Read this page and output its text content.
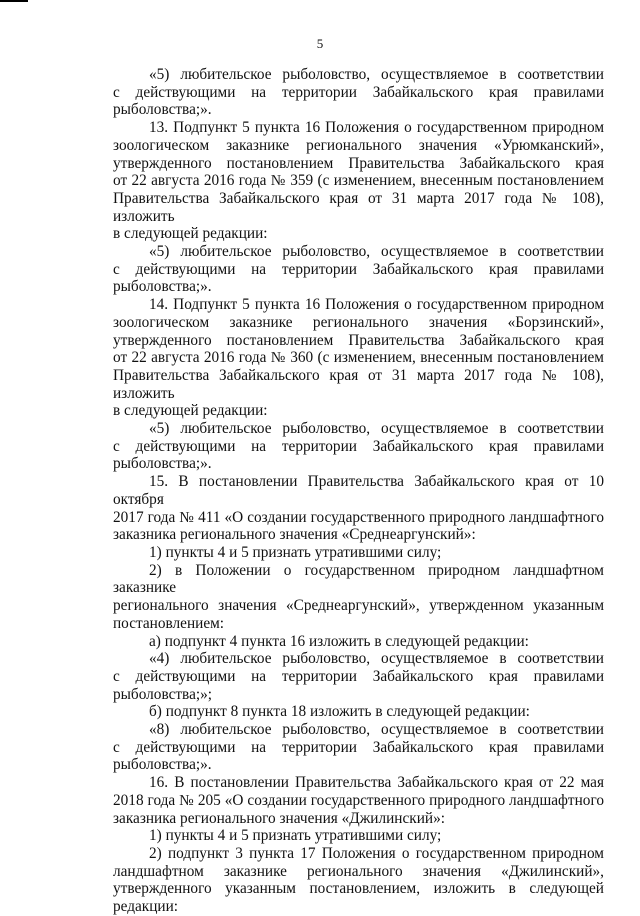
5
«5) любительское рыболовство, осуществляемое в соответствии
с действующими на территории Забайкальского края правилами
рыболовства;».
13. Подпункт 5 пункта 16 Положения о государственном природном
зоологическом заказнике регионального значения «Урюмканский»,
утвержденного постановлением Правительства Забайкальского края
от 22 августа 2016 года № 359 (с изменением, внесенным постановлением
Правительства Забайкальского края от 31 марта 2017 года № 108), изложить
в следующей редакции:
«5) любительское рыболовство, осуществляемое в соответствии
с действующими на территории Забайкальского края правилами
рыболовства;».
14. Подпункт 5 пункта 16 Положения о государственном природном
зоологическом заказнике регионального значения «Борзинский»,
утвержденного постановлением Правительства Забайкальского края
от 22 августа 2016 года № 360 (с изменением, внесенным постановлением
Правительства Забайкальского края от 31 марта 2017 года № 108), изложить
в следующей редакции:
«5) любительское рыболовство, осуществляемое в соответствии
с действующими на территории Забайкальского края правилами
рыболовства;».
15. В постановлении Правительства Забайкальского края от 10 октября
2017 года № 411 «О создании государственного природного ландшафтного
заказника регионального значения «Среднеаргунский»:
1) пункты 4 и 5 признать утратившими силу;
2) в Положении о государственном природном ландшафтном заказнике
регионального значения «Среднеаргунский», утвержденном указанным
постановлением:
а) подпункт 4 пункта 16 изложить в следующей редакции:
«4) любительское рыболовство, осуществляемое в соответствии
с действующими на территории Забайкальского края правилами
рыболовства;»;
б) подпункт 8 пункта 18 изложить в следующей редакции:
«8) любительское рыболовство, осуществляемое в соответствии
с действующими на территории Забайкальского края правилами
рыболовства;».
16. В постановлении Правительства Забайкальского края от 22 мая
2018 года № 205 «О создании государственного природного ландшафтного
заказника регионального значения «Джилинский»:
1) пункты 4 и 5 признать утратившими силу;
2) подпункт 3 пункта 17 Положения о государственном природном
ландшафтном заказнике регионального значения «Джилинский»,
утвержденного указанным постановлением, изложить в следующей
редакции:
